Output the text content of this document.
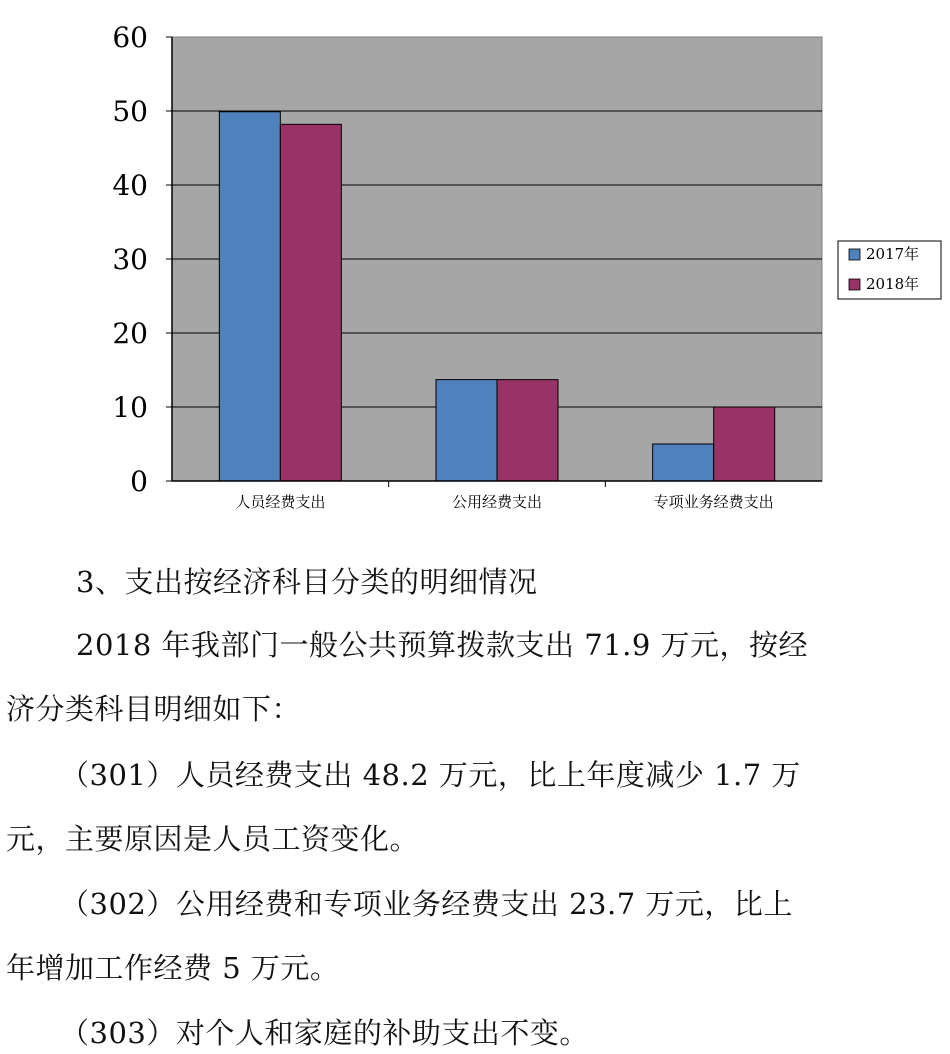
0
10
20
30
40
50
60
人员经费支出	公用经费支出	专项业务经费支出
2017年
2018年
3、支出按经济科目分类的明细情况
2018 年我部门一般公共预算拨款支出 71.9 万元，按经
济分类科目明细如下：
（301）人员经费支出 48.2 万元，比上年度减少 1.7 万
元，主要原因是人员工资变化。
（302）公用经费和专项业务经费支出 23.7 万元，比上
年增加工作经费 5 万元。
（303）对个人和家庭的补助支出不变。
